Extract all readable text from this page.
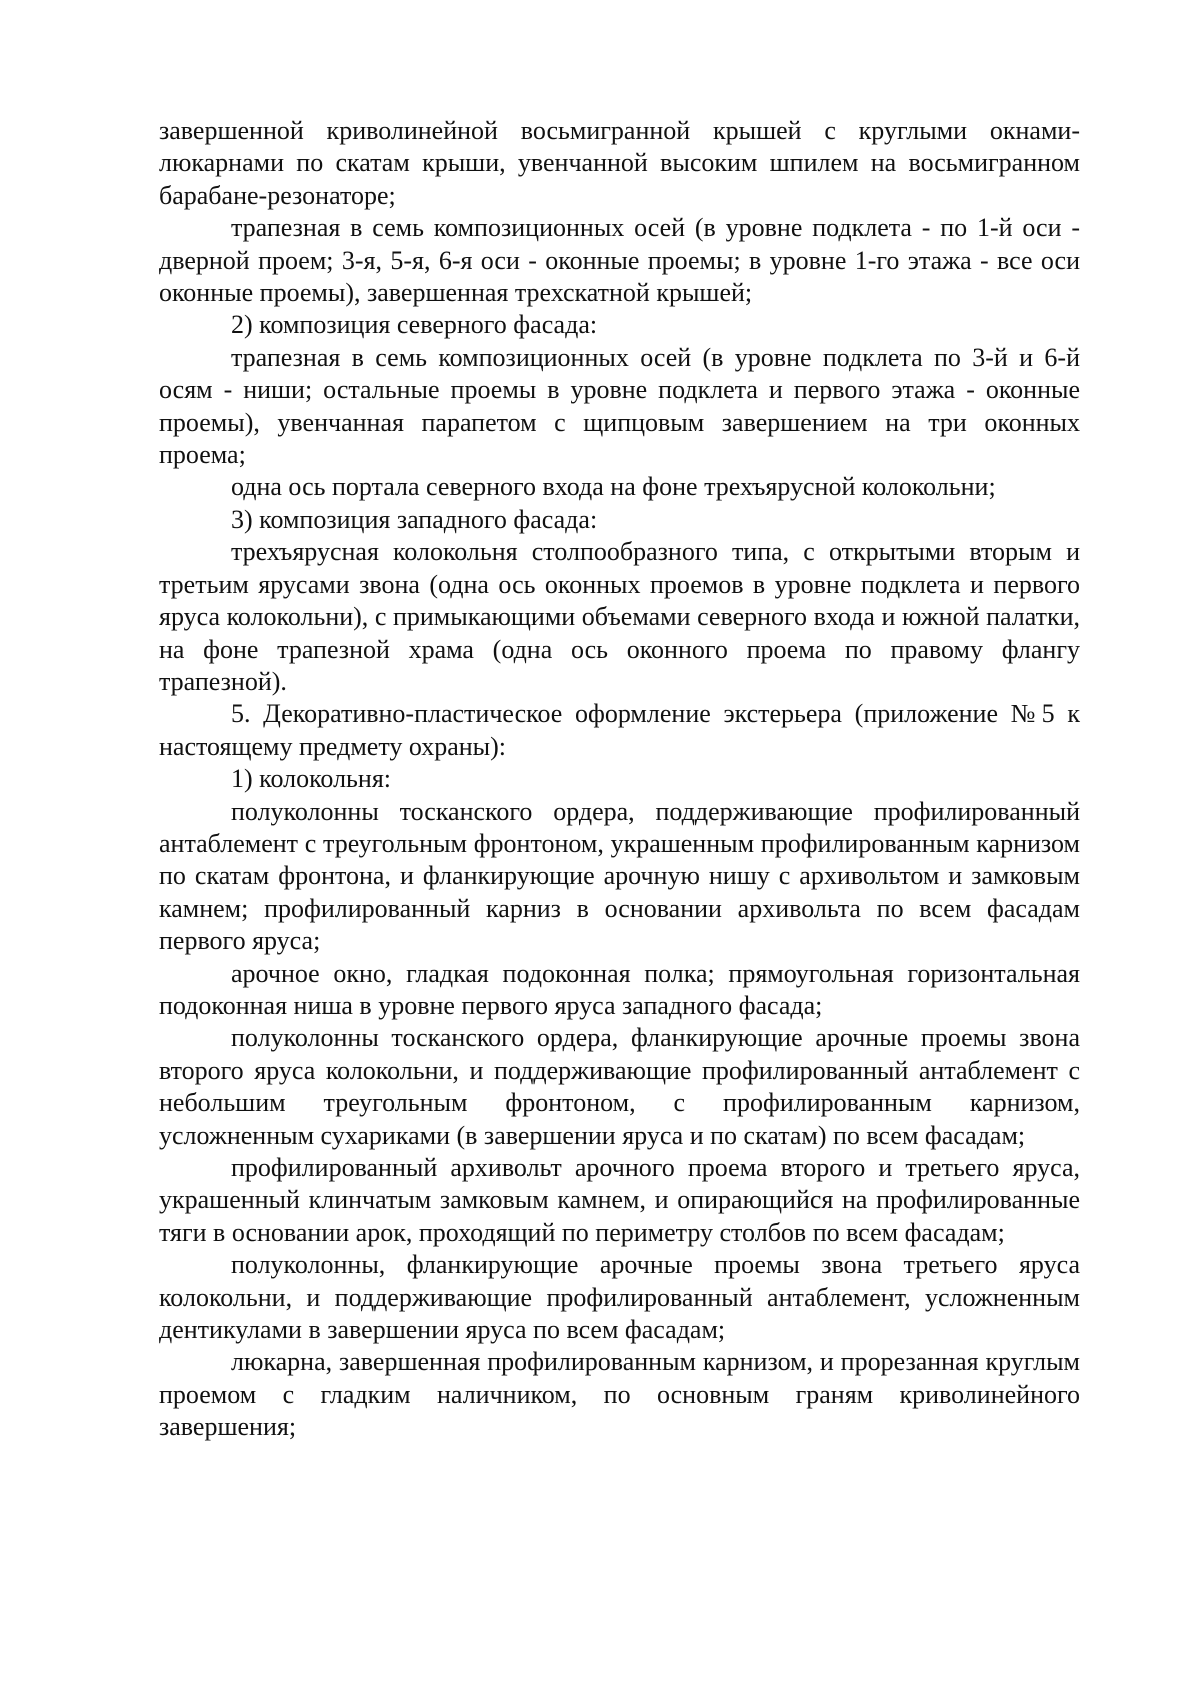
завершенной криволинейной восьмигранной крышей с круглыми окнами-люкарнами по скатам крыши, увенчанной высоким шпилем на восьмигранном барабане-резонаторе;

трапезная в семь композиционных осей (в уровне подклета - по 1-й оси - дверной проем; 3-я, 5-я, 6-я оси - оконные проемы; в уровне 1-го этажа - все оси оконные проемы), завершенная трехскатной крышей;

2) композиция северного фасада:

трапезная в семь композиционных осей (в уровне подклета по 3-й и 6-й осям - ниши; остальные проемы в уровне подклета и первого этажа - оконные проемы), увенчанная парапетом с щипцовым завершением на три оконных проема;

одна ось портала северного входа на фоне трехъярусной колокольни;

3) композиция западного фасада:

трехъярусная колокольня столпообразного типа, с открытыми вторым и третьим ярусами звона (одна ось оконных проемов в уровне подклета и первого яруса колокольни), с примыкающими объемами северного входа и южной палатки, на фоне трапезной храма (одна ось оконного проема по правому флангу трапезной).

5. Декоративно-пластическое оформление экстерьера (приложение №5 к настоящему предмету охраны):

1) колокольня:

полуколонны тосканского ордера, поддерживающие профилированный антаблемент с треугольным фронтоном, украшенным профилированным карнизом по скатам фронтона, и фланкирующие арочную нишу с архивольтом и замковым камнем; профилированный карниз в основании архивольта по всем фасадам первого яруса;

арочное окно, гладкая подоконная полка; прямоугольная горизонтальная подоконная ниша в уровне первого яруса западного фасада;

полуколонны тосканского ордера, фланкирующие арочные проемы звона второго яруса колокольни, и поддерживающие профилированный антаблемент с небольшим треугольным фронтоном, с профилированным карнизом, усложненным сухариками (в завершении яруса и по скатам) по всем фасадам;

профилированный архивольт арочного проема второго и третьего яруса, украшенный клинчатым замковым камнем, и опирающийся на профилированные тяги в основании арок, проходящий по периметру столбов по всем фасадам;

полуколонны, фланкирующие арочные проемы звона третьего яруса колокольни, и поддерживающие профилированный антаблемент, усложненным дентикулами в завершении яруса по всем фасадам;

люкарна, завершенная профилированным карнизом, и прорезанная круглым проемом с гладким наличником, по основным граням криволинейного завершения;
